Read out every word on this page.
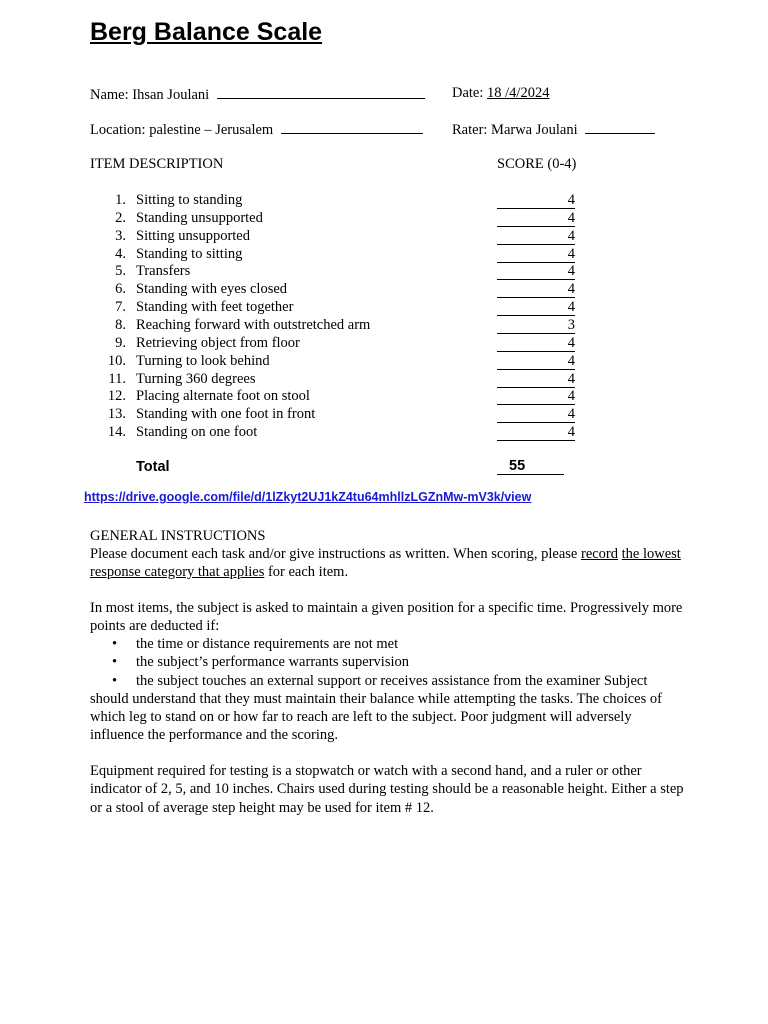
Berg Balance Scale
Name: Ihsan Joulani	Date: 18 /4/2024
Location: palestine – Jerusalem	Rater: Marwa Joulani
ITEM DESCRIPTION	SCORE (0-4)
1. Sitting to standing	4
2. Standing unsupported	4
3. Sitting unsupported	4
4. Standing to sitting	4
5. Transfers	4
6. Standing with eyes closed	4
7. Standing with feet together	4
8. Reaching forward with outstretched arm	3
9. Retrieving object from floor	4
10. Turning to look behind	4
11. Turning 360 degrees	4
12. Placing alternate foot on stool	4
13. Standing with one foot in front	4
14. Standing on one foot	4
Total	55
https://drive.google.com/file/d/1lZkyt2UJ1kZ4tu64mhllzLGZnMw-mV3k/view
GENERAL INSTRUCTIONS
Please document each task and/or give instructions as written. When scoring, please record the lowest
response category that applies for each item.
In most items, the subject is asked to maintain a given position for a specific time. Progressively more
points are deducted if:
• the time or distance requirements are not met
• the subject’s performance warrants supervision
• the subject touches an external support or receives assistance from the examiner Subject
should understand that they must maintain their balance while attempting the tasks. The choices of
which leg to stand on or how far to reach are left to the subject. Poor judgment will adversely
influence the performance and the scoring.
Equipment required for testing is a stopwatch or watch with a second hand, and a ruler or other
indicator of 2, 5, and 10 inches. Chairs used during testing should be a reasonable height. Either a step
or a stool of average step height may be used for item # 12.
